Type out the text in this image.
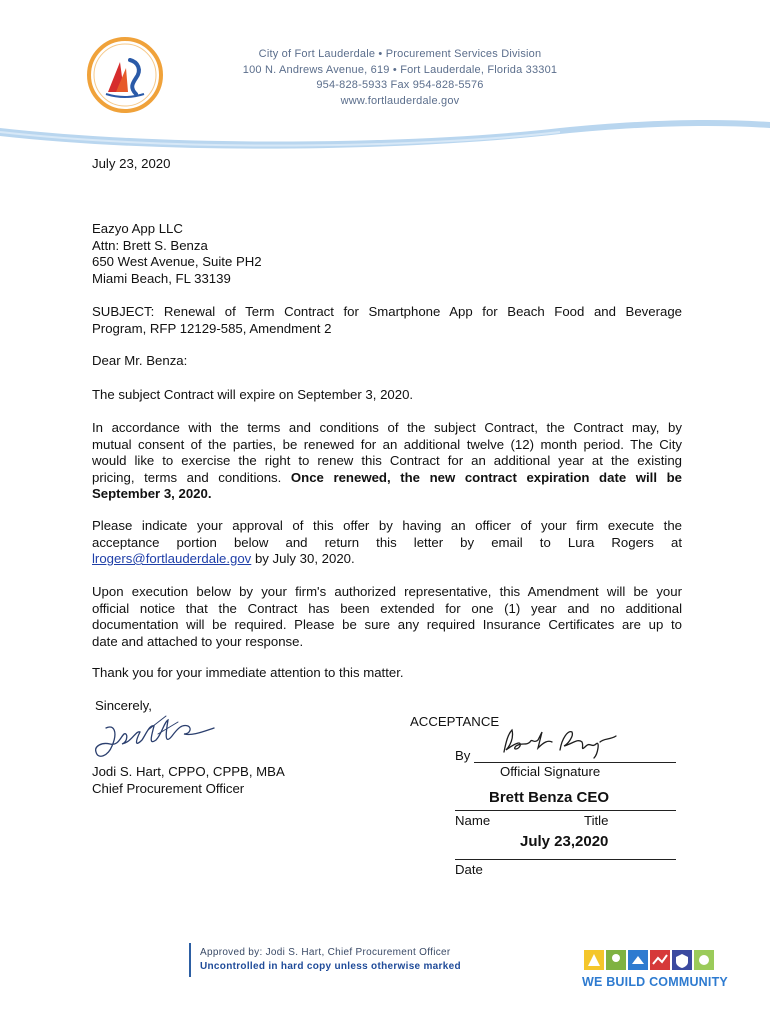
City of Fort Lauderdale • Procurement Services Division
100 N. Andrews Avenue, 619 • Fort Lauderdale, Florida 33301
954-828-5933 Fax 954-828-5576
www.fortlauderdale.gov
July 23, 2020
Eazyo App LLC
Attn: Brett S. Benza
650 West Avenue, Suite PH2
Miami Beach, FL 33139
SUBJECT: Renewal of Term Contract for Smartphone App for Beach Food and Beverage
Program, RFP 12129-585, Amendment 2
Dear Mr. Benza:
The subject Contract will expire on September 3, 2020.
In accordance with the terms and conditions of the subject Contract, the Contract may, by
mutual consent of the parties, be renewed for an additional twelve (12) month period. The City
would like to exercise the right to renew this Contract for an additional year at the existing
pricing, terms and conditions. Once renewed, the new contract expiration date will be
September 3, 2020.
Please indicate your approval of this offer by having an officer of your firm execute the
acceptance portion below and return this letter by email to Lura Rogers at
lrogers@fortlauderdale.gov by July 30, 2020.
Upon execution below by your firm's authorized representative, this Amendment will be your
official notice that the Contract has been extended for one (1) year and no additional
documentation will be required. Please be sure any required Insurance Certificates are up to
date and attached to your response.
Thank you for your immediate attention to this matter.
Sincerely,
Jodi S. Hart, CPPO, CPPB, MBA
Chief Procurement Officer
ACCEPTANCE
By
Official Signature
Brett Benza CEO
Name	Title
July 23,2020
Date
Approved by: Jodi S. Hart, Chief Procurement Officer
Uncontrolled in hard copy unless otherwise marked
WE BUILD COMMUNITY
